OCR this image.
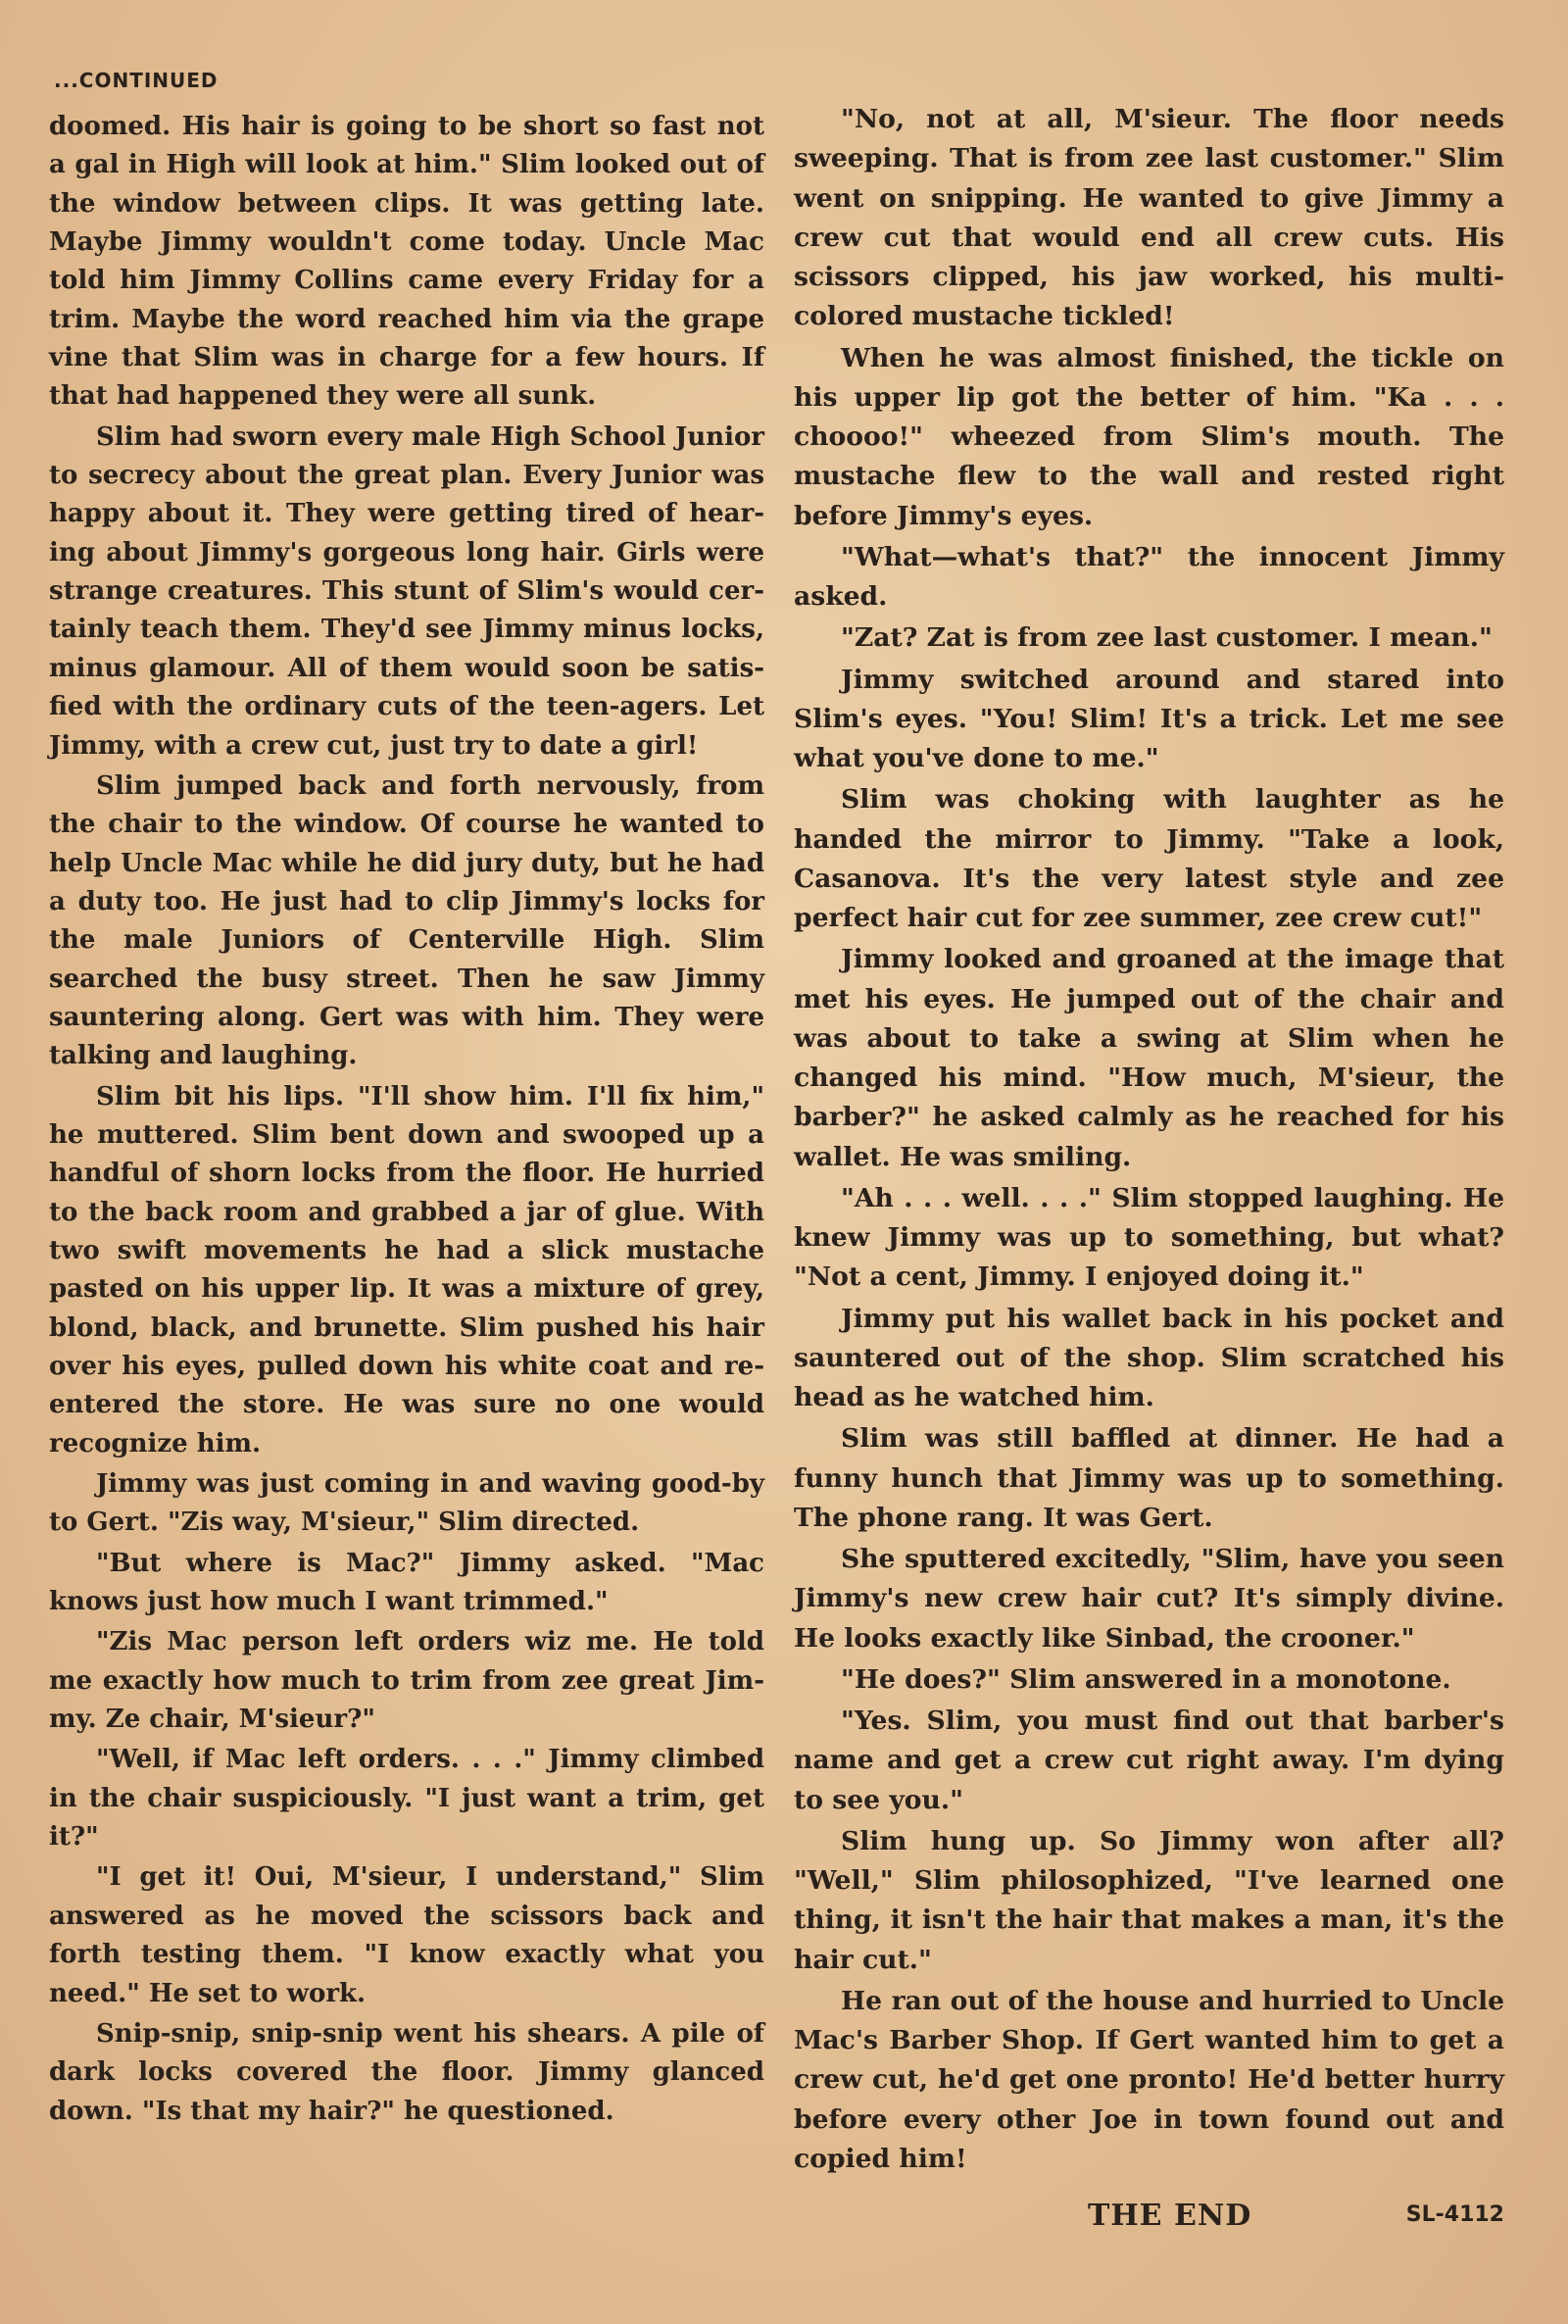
...CONTINUED

doomed. His hair is going to be short so fast not a gal in High will look at him." Slim looked out of the window between clips. It was getting late. Maybe Jimmy wouldn't come today. Uncle Mac told him Jimmy Collins came every Friday for a trim. Maybe the word reached him via the grape vine that Slim was in charge for a few hours. If that had happened they were all sunk.

Slim had sworn every male High School Junior to secrecy about the great plan. Every Junior was happy about it. They were getting tired of hearing about Jimmy's gorgeous long hair. Girls were strange creatures. This stunt of Slim's would certainly teach them. They'd see Jimmy minus locks, minus glamour. All of them would soon be satisfied with the ordinary cuts of the teen-agers. Let Jimmy, with a crew cut, just try to date a girl!

Slim jumped back and forth nervously, from the chair to the window. Of course he wanted to help Uncle Mac while he did jury duty, but he had a duty too. He just had to clip Jimmy's locks for the male Juniors of Centerville High. Slim searched the busy street. Then he saw Jimmy sauntering along. Gert was with him. They were talking and laughing.

Slim bit his lips. "I'll show him. I'll fix him," he muttered. Slim bent down and swooped up a handful of shorn locks from the floor. He hurried to the back room and grabbed a jar of glue. With two swift movements he had a slick mustache pasted on his upper lip. It was a mixture of grey, blond, black, and brunette. Slim pushed his hair over his eyes, pulled down his white coat and re-entered the store. He was sure no one would recognize him.

Jimmy was just coming in and waving good-by to Gert. "Zis way, M'sieur," Slim directed.

"But where is Mac?" Jimmy asked. "Mac knows just how much I want trimmed."

"Zis Mac person left orders wiz me. He told me exactly how much to trim from zee great Jimmy. Ze chair, M'sieur?"

"Well, if Mac left orders. . . ." Jimmy climbed in the chair suspiciously. "I just want a trim, get it?"

"I get it! Oui, M'sieur, I understand," Slim answered as he moved the scissors back and forth testing them. "I know exactly what you need." He set to work.

Snip-snip, snip-snip went his shears. A pile of dark locks covered the floor. Jimmy glanced down. "Is that my hair?" he questioned.

"No, not at all, M'sieur. The floor needs sweeping. That is from zee last customer." Slim went on snipping. He wanted to give Jimmy a crew cut that would end all crew cuts. His scissors clipped, his jaw worked, his multi-colored mustache tickled!

When he was almost finished, the tickle on his upper lip got the better of him. "Ka . . . choooo!" wheezed from Slim's mouth. The mustache flew to the wall and rested right before Jimmy's eyes.

"What—what's that?" the innocent Jimmy asked.

"Zat? Zat is from zee last customer. I mean."

Jimmy switched around and stared into Slim's eyes. "You! Slim! It's a trick. Let me see what you've done to me."

Slim was choking with laughter as he handed the mirror to Jimmy. "Take a look, Casanova. It's the very latest style and zee perfect hair cut for zee summer, zee crew cut!"

Jimmy looked and groaned at the image that met his eyes. He jumped out of the chair and was about to take a swing at Slim when he changed his mind. "How much, M'sieur, the barber?" he asked calmly as he reached for his wallet. He was smiling.

"Ah . . . well. . . ." Slim stopped laughing. He knew Jimmy was up to something, but what? "Not a cent, Jimmy. I enjoyed doing it."

Jimmy put his wallet back in his pocket and sauntered out of the shop. Slim scratched his head as he watched him.

Slim was still baffled at dinner. He had a funny hunch that Jimmy was up to something. The phone rang. It was Gert.

She sputtered excitedly, "Slim, have you seen Jimmy's new crew hair cut? It's simply divine. He looks exactly like Sinbad, the crooner."

"He does?" Slim answered in a monotone.

"Yes. Slim, you must find out that barber's name and get a crew cut right away. I'm dying to see you."

Slim hung up. So Jimmy won after all? "Well," Slim philosophized, "I've learned one thing, it isn't the hair that makes a man, it's the hair cut."

He ran out of the house and hurried to Uncle Mac's Barber Shop. If Gert wanted him to get a crew cut, he'd get one pronto! He'd better hurry before every other Joe in town found out and copied him!

THE END	SL-4112
